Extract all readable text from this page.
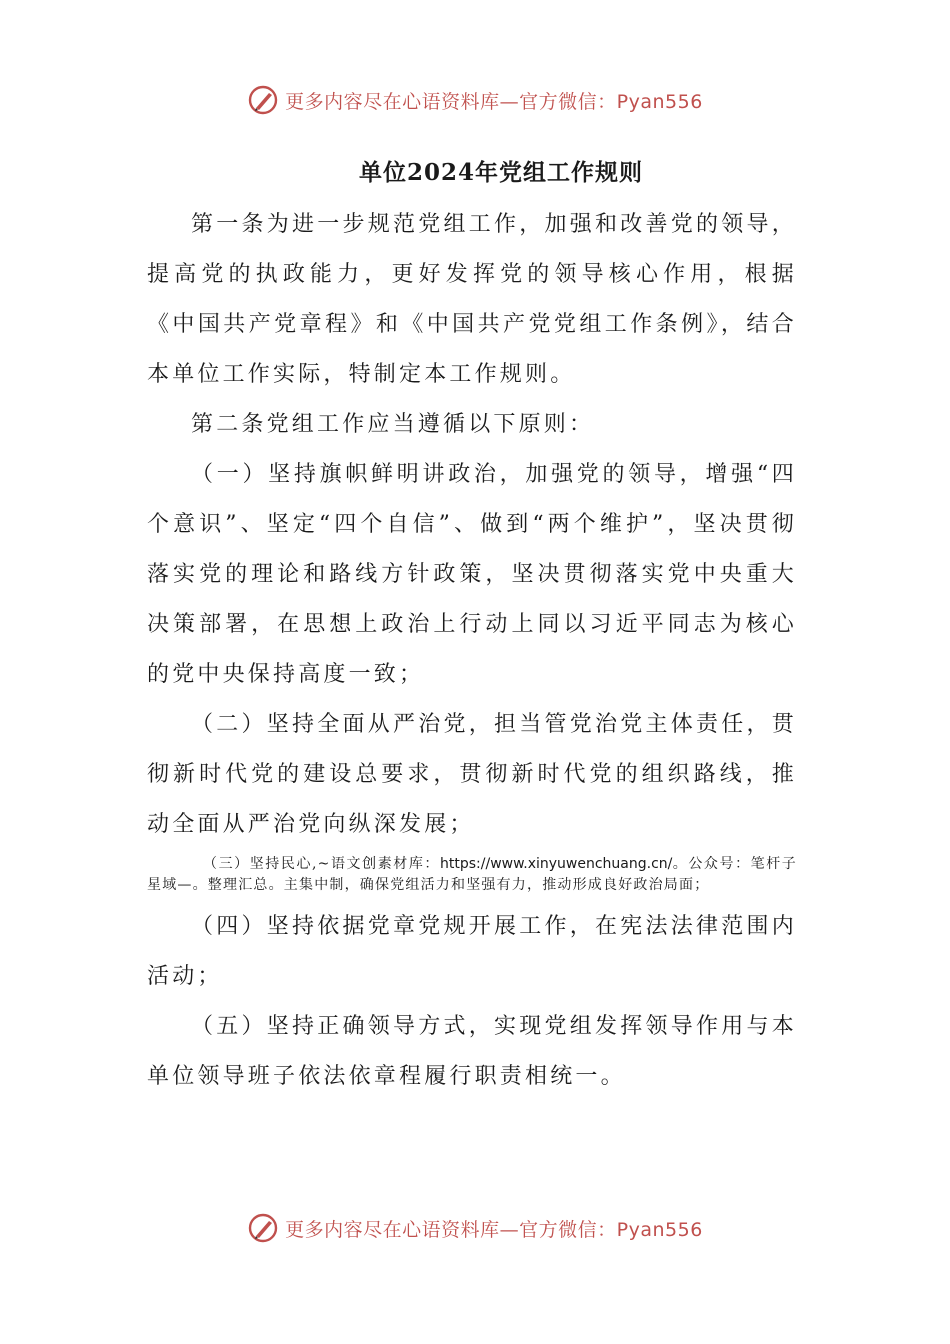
更多内容尽在心语资料库—官方微信：Pyan556
单位2024年党组工作规则

第一条为进一步规范党组工作，加强和改善党的领导，提高党的执政能力，更好发挥党的领导核心作用，根据《中国共产党章程》和《中国共产党党组工作条例》，结合本单位工作实际，特制定本工作规则。

第二条党组工作应当遵循以下原则：

（一）坚持旗帜鲜明讲政治，加强党的领导，增强“四个意识”、坚定“四个自信”、做到“两个维护”，坚决贯彻落实党的理论和路线方针政策，坚决贯彻落实党中央重大决策部署，在思想上政治上行动上同以习近平同志为核心的党中央保持高度一致；

（二）坚持全面从严治党，担当管党治党主体责任，贯彻新时代党的建设总要求，贯彻新时代党的组织路线，推动全面从严治党向纵深发展；

（三）坚持民心,~语文创素材库：https://www.xinyuwenchuang.cn/。公众号：笔杆子星域—。整理汇总。主集中制，确保党组活力和坚强有力，推动形成良好政治局面；

（四）坚持依据党章党规开展工作，在宪法法律范围内活动；

（五）坚持正确领导方式，实现党组发挥领导作用与本单位领导班子依法依章程履行职责相统一。

更多内容尽在心语资料库—官方微信：Pyan556
